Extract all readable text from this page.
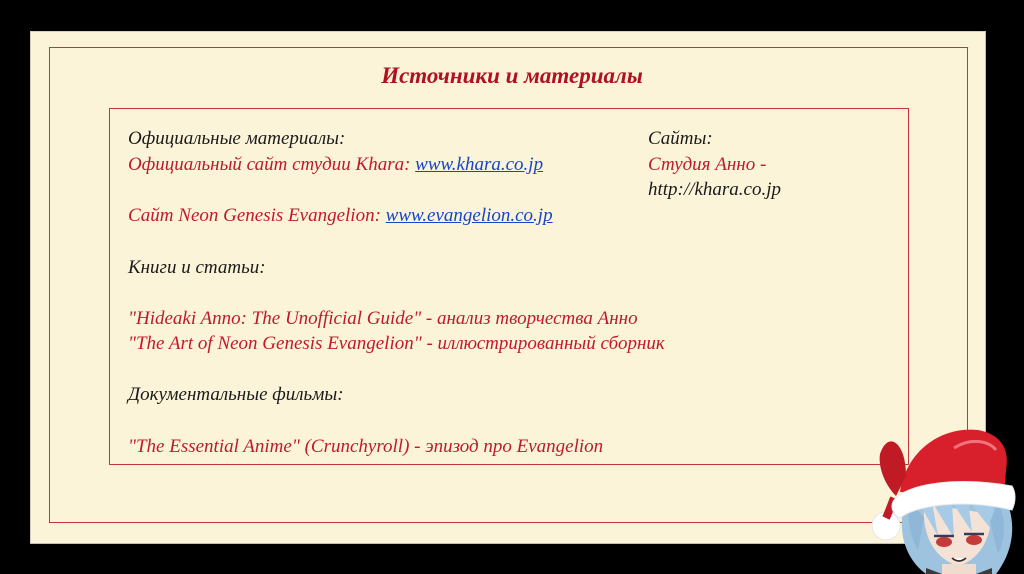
Источники и материалы
Официальные материалы:
Официальный сайт студии Khara: www.khara.co.jp
Сайт Neon Genesis Evangelion: www.evangelion.co.jp
Книги и статьи:
"Hideaki Anno: The Unofficial Guide" - анализ творчества Анно
"The Art of Neon Genesis Evangelion" - иллюстрированный сборник
Документальные фильмы:
"The Essential Anime" (Crunchyroll) - эпизод про Evangelion
Сайты:
Студия Анно -
http://khara.co.jp
